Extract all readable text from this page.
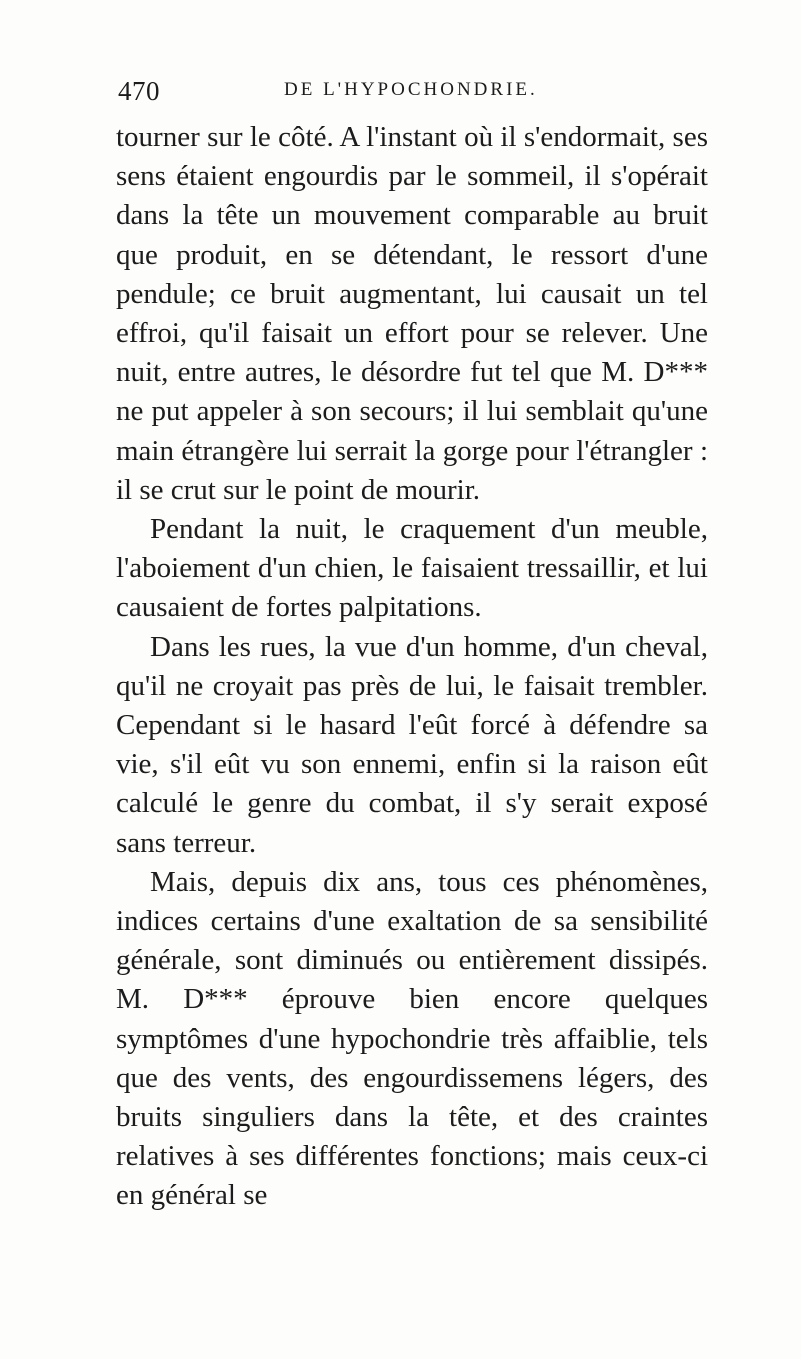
470	DE L'HYPOCHONDRIE.

tourner sur le côté. A l'instant où il s'endormait, ses sens étaient engourdis par le sommeil, il s'opérait dans la tête un mouvement comparable au bruit que produit, en se détendant, le ressort d'une pendule; ce bruit augmentant, lui causait un tel effroi, qu'il faisait un effort pour se relever. Une nuit, entre autres, le désordre fut tel que M. D*** ne put appeler à son secours; il lui semblait qu'une main étrangère lui serrait la gorge pour l'étrangler : il se crut sur le point de mourir.

Pendant la nuit, le craquement d'un meuble, l'aboiement d'un chien, le faisaient tressaillir, et lui causaient de fortes palpitations.

Dans les rues, la vue d'un homme, d'un cheval, qu'il ne croyait pas près de lui, le faisait trembler. Cependant si le hasard l'eût forcé à défendre sa vie, s'il eût vu son ennemi, enfin si la raison eût calculé le genre du combat, il s'y serait exposé sans terreur.

Mais, depuis dix ans, tous ces phénomènes, indices certains d'une exaltation de sa sensibilité générale, sont diminués ou entièrement dissipés. M. D*** éprouve bien encore quelques symptômes d'une hypochondrie très affaiblie, tels que des vents, des engourdissemens légers, des bruits singuliers dans la tête, et des craintes relatives à ses différentes fonctions; mais ceux-ci en général se
